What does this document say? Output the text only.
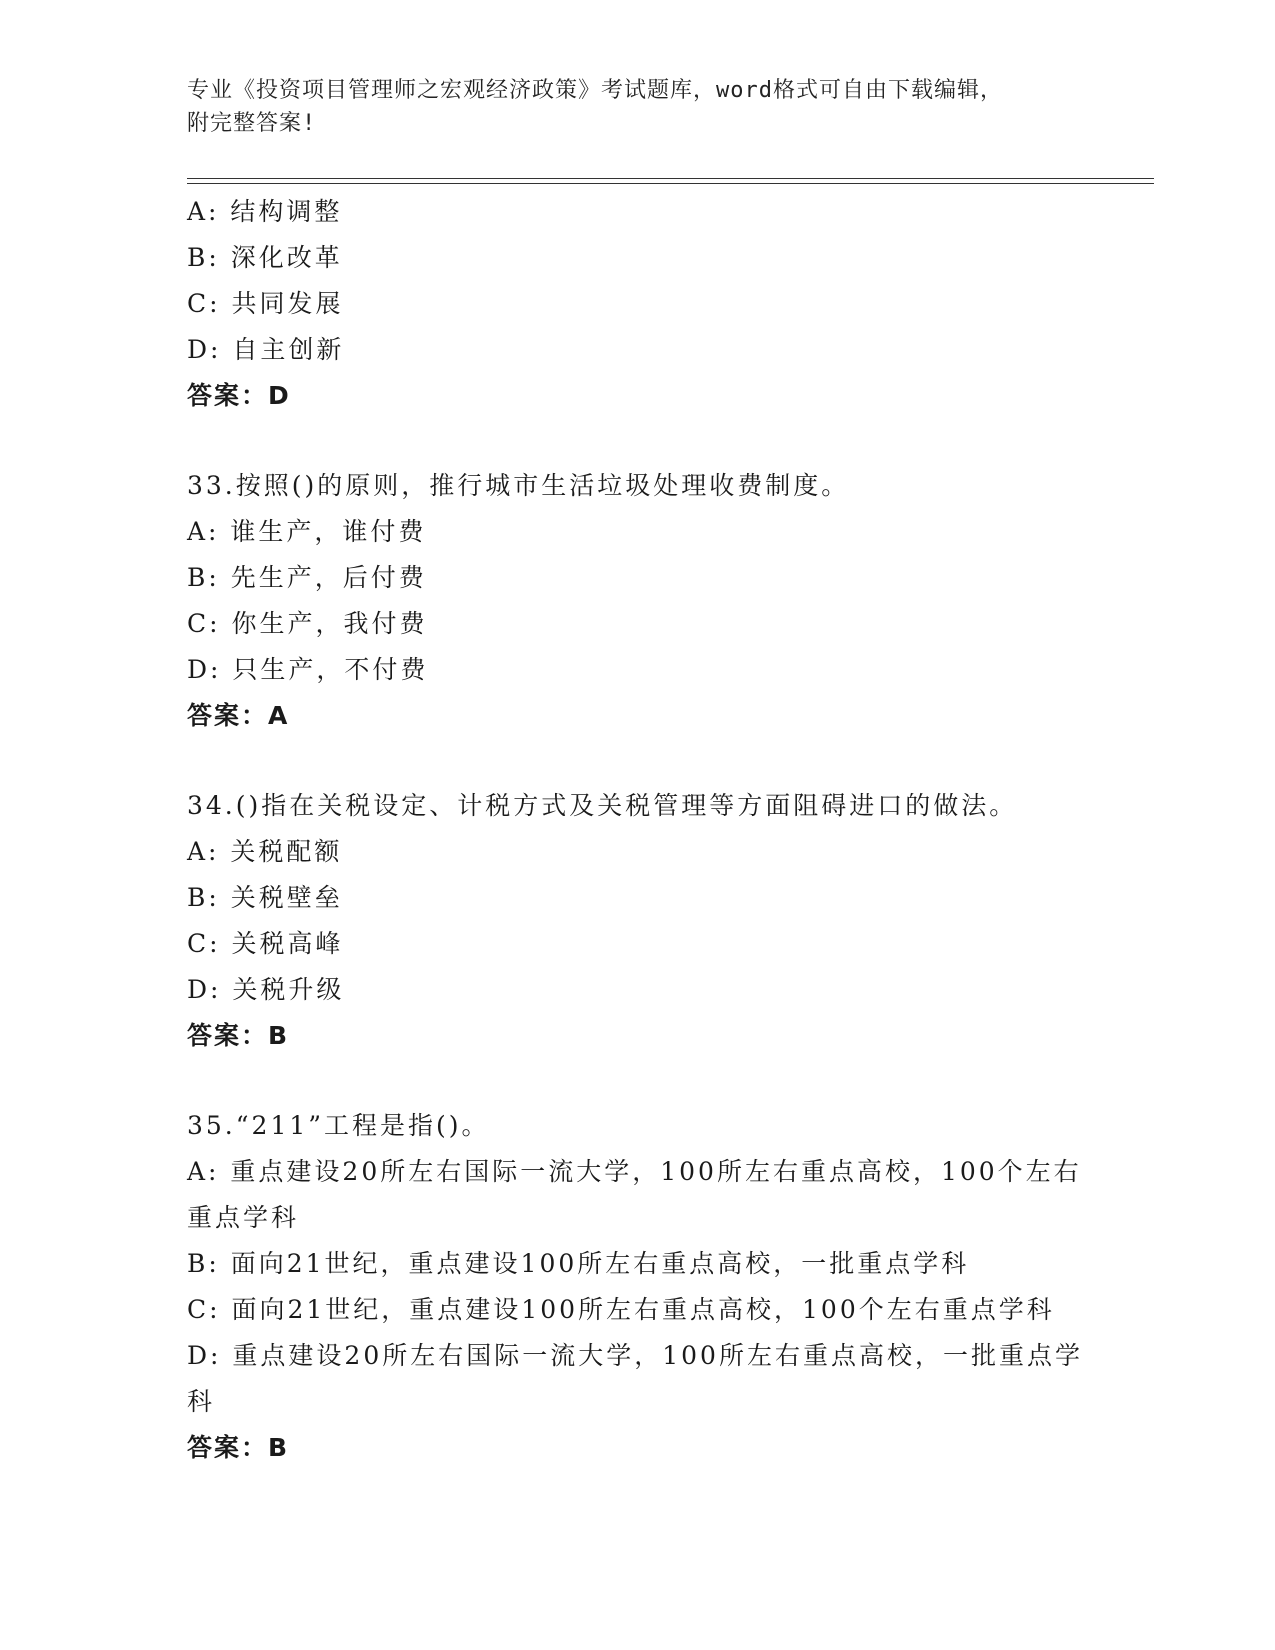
专业《投资项目管理师之宏观经济政策》考试题库，word格式可自由下载编辑，
附完整答案!
A: 结构调整
B: 深化改革
C: 共同发展
D: 自主创新
答案：D
33.按照()的原则，推行城市生活垃圾处理收费制度。
A: 谁生产，谁付费
B: 先生产，后付费
C: 你生产，我付费
D: 只生产，不付费
答案：A
34.()指在关税设定、计税方式及关税管理等方面阻碍进口的做法。
A: 关税配额
B: 关税壁垒
C: 关税高峰
D: 关税升级
答案：B
35.“211”工程是指()。
A: 重点建设20所左右国际一流大学，100所左右重点高校，100个左右重点学科
B: 面向21世纪，重点建设100所左右重点高校，一批重点学科
C: 面向21世纪，重点建设100所左右重点高校，100个左右重点学科
D: 重点建设20所左右国际一流大学，100所左右重点高校，一批重点学科
答案：B
